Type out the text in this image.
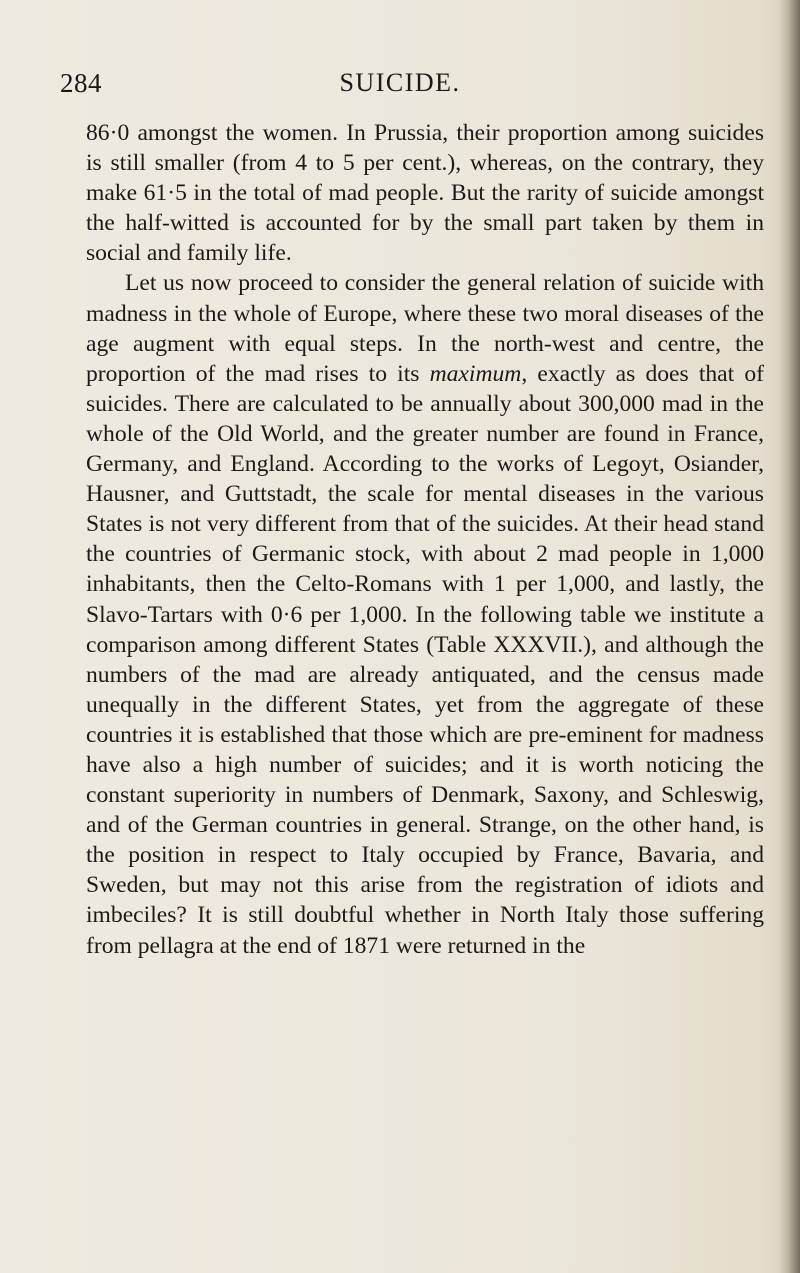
284	SUICIDE.

86·0 amongst the women. In Prussia, their proportion among suicides is still smaller (from 4 to 5 per cent.), whereas, on the contrary, they make 61·5 in the total of mad people. But the rarity of suicide amongst the half-witted is accounted for by the small part taken by them in social and family life.

Let us now proceed to consider the general relation of suicide with madness in the whole of Europe, where these two moral diseases of the age augment with equal steps. In the north-west and centre, the proportion of the mad rises to its maximum, exactly as does that of suicides. There are calculated to be annually about 300,000 mad in the whole of the Old World, and the greater number are found in France, Germany, and England. According to the works of Legoyt, Osiander, Hausner, and Guttstadt, the scale for mental diseases in the various States is not very different from that of the suicides. At their head stand the countries of Germanic stock, with about 2 mad people in 1,000 inhabitants, then the Celto-Romans with 1 per 1,000, and lastly, the Slavo-Tartars with 0·6 per 1,000. In the following table we institute a comparison among different States (Table XXXVII.), and although the numbers of the mad are already antiquated, and the census made unequally in the different States, yet from the aggregate of these countries it is established that those which are pre-eminent for madness have also a high number of suicides; and it is worth noticing the constant superiority in numbers of Denmark, Saxony, and Schleswig, and of the German countries in general. Strange, on the other hand, is the position in respect to Italy occupied by France, Bavaria, and Sweden, but may not this arise from the registration of idiots and imbeciles? It is still doubtful whether in North Italy those suffering from pellagra at the end of 1871 were returned in the
